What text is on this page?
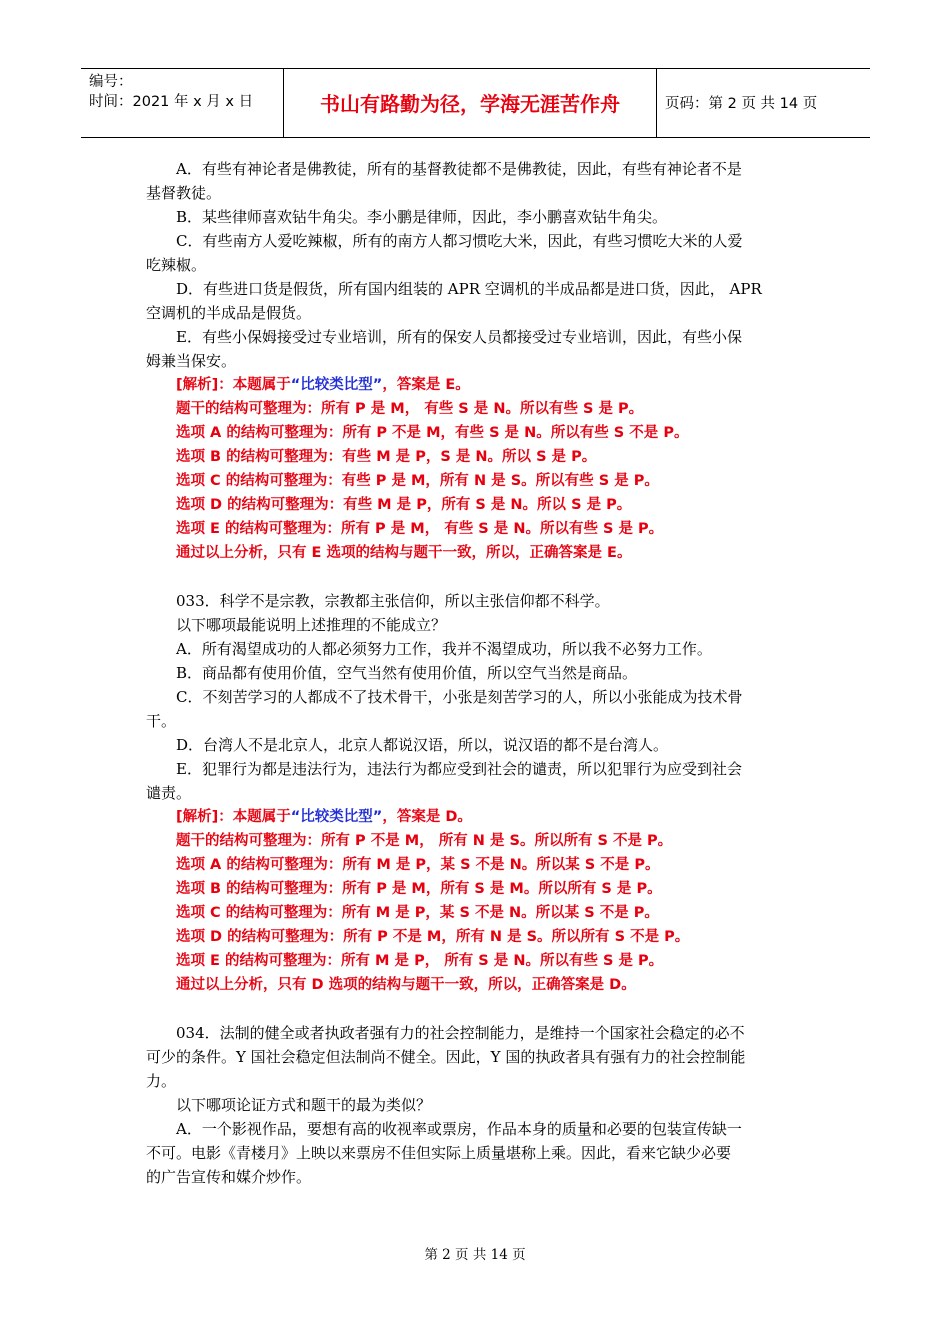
编号：
时间：2021 年 x 月 x 日	书山有路勤为径，学海无涯苦作舟	页码：第 2 页 共 14 页
A．有些有神论者是佛教徒，所有的基督教徒都不是佛教徒，因此，有些有神论者不是
基督教徒。
B．某些律师喜欢钻牛角尖。李小鹏是律师，因此，李小鹏喜欢钻牛角尖。
C．有些南方人爱吃辣椒，所有的南方人都习惯吃大米，因此，有些习惯吃大米的人爱
吃辣椒。
D．有些进口货是假货，所有国内组装的 APR 空调机的半成品都是进口货，因此， APR
空调机的半成品是假货。
E．有些小保姆接受过专业培训，所有的保安人员都接受过专业培训，因此，有些小保
姆兼当保安。
[解析]：本题属于“比较类比型”，答案是 E。
题干的结构可整理为：所有 P 是 M， 有些 S 是 N。所以有些 S 是 P。
选项 A 的结构可整理为：所有 P 不是 M，有些 S 是 N。所以有些 S 不是 P。
选项 B 的结构可整理为：有些 M 是 P，S 是 N。所以 S 是 P。
选项 C 的结构可整理为：有些 P 是 M，所有 N 是 S。所以有些 S 是 P。
选项 D 的结构可整理为：有些 M 是 P，所有 S 是 N。所以 S 是 P。
选项 E 的结构可整理为：所有 P 是 M， 有些 S 是 N。所以有些 S 是 P。
通过以上分析，只有 E 选项的结构与题干一致，所以，正确答案是 E。
033．科学不是宗教，宗教都主张信仰，所以主张信仰都不科学。
以下哪项最能说明上述推理的不能成立？
A．所有渴望成功的人都必须努力工作，我并不渴望成功，所以我不必努力工作。
B．商品都有使用价值，空气当然有使用价值，所以空气当然是商品。
C．不刻苦学习的人都成不了技术骨干，小张是刻苦学习的人，所以小张能成为技术骨
干。
D．台湾人不是北京人，北京人都说汉语，所以，说汉语的都不是台湾人。
E．犯罪行为都是违法行为，违法行为都应受到社会的谴责，所以犯罪行为应受到社会
谴责。
[解析]：本题属于“比较类比型”，答案是 D。
题干的结构可整理为：所有 P 不是 M， 所有 N 是 S。所以所有 S 不是 P。
选项 A 的结构可整理为：所有 M 是 P，某 S 不是 N。所以某 S 不是 P。
选项 B 的结构可整理为：所有 P 是 M，所有 S 是 M。所以所有 S 是 P。
选项 C 的结构可整理为：所有 M 是 P，某 S 不是 N。所以某 S 不是 P。
选项 D 的结构可整理为：所有 P 不是 M，所有 N 是 S。所以所有 S 不是 P。
选项 E 的结构可整理为：所有 M 是 P， 所有 S 是 N。所以有些 S 是 P。
通过以上分析，只有 D 选项的结构与题干一致，所以，正确答案是 D。
034．法制的健全或者执政者强有力的社会控制能力，是维持一个国家社会稳定的必不
可少的条件。Y 国社会稳定但法制尚不健全。因此，Y 国的执政者具有强有力的社会控制能
力。
以下哪项论证方式和题干的最为类似？
A．一个影视作品，要想有高的收视率或票房，作品本身的质量和必要的包装宣传缺一
不可。电影《青楼月》上映以来票房不佳但实际上质量堪称上乘。因此，看来它缺少必要
的广告宣传和媒介炒作。
第 2 页 共 14 页
